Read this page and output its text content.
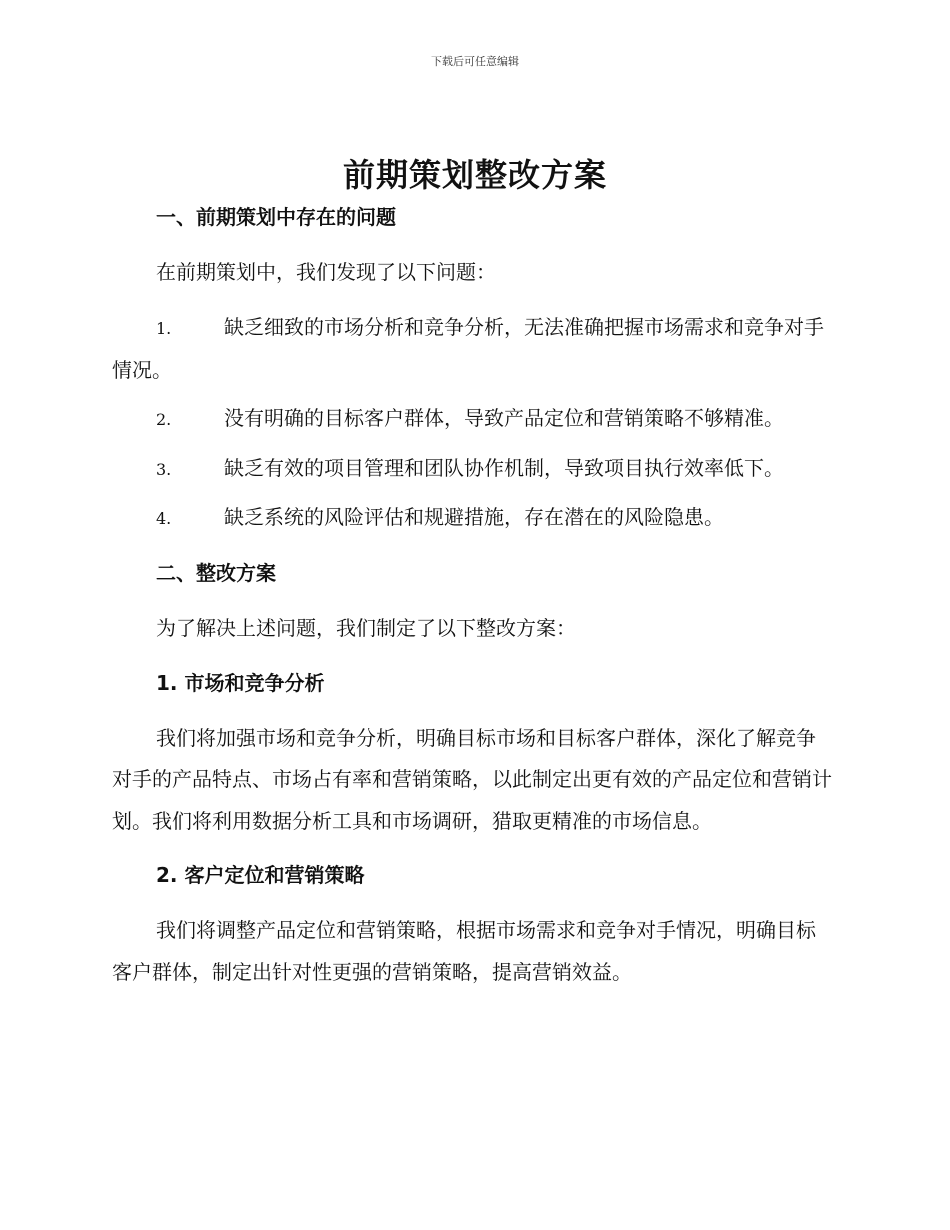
下载后可任意编辑
前期策划整改方案

一、前期策划中存在的问题

在前期策划中，我们发现了以下问题：

1.	缺乏细致的市场分析和竞争分析，无法准确把握市场需求和竞争对手情况。

2.	没有明确的目标客户群体，导致产品定位和营销策略不够精准。

3.	缺乏有效的项目管理和团队协作机制，导致项目执行效率低下。

4.	缺乏系统的风险评估和规避措施，存在潜在的风险隐患。

二、整改方案

为了解决上述问题，我们制定了以下整改方案：

1. 市场和竞争分析

我们将加强市场和竞争分析，明确目标市场和目标客户群体，深化了解竞争对手的产品特点、市场占有率和营销策略，以此制定出更有效的产品定位和营销计划。我们将利用数据分析工具和市场调研，猎取更精准的市场信息。

2. 客户定位和营销策略

我们将调整产品定位和营销策略，根据市场需求和竞争对手情况，明确目标客户群体，制定出针对性更强的营销策略，提高营销效益。
